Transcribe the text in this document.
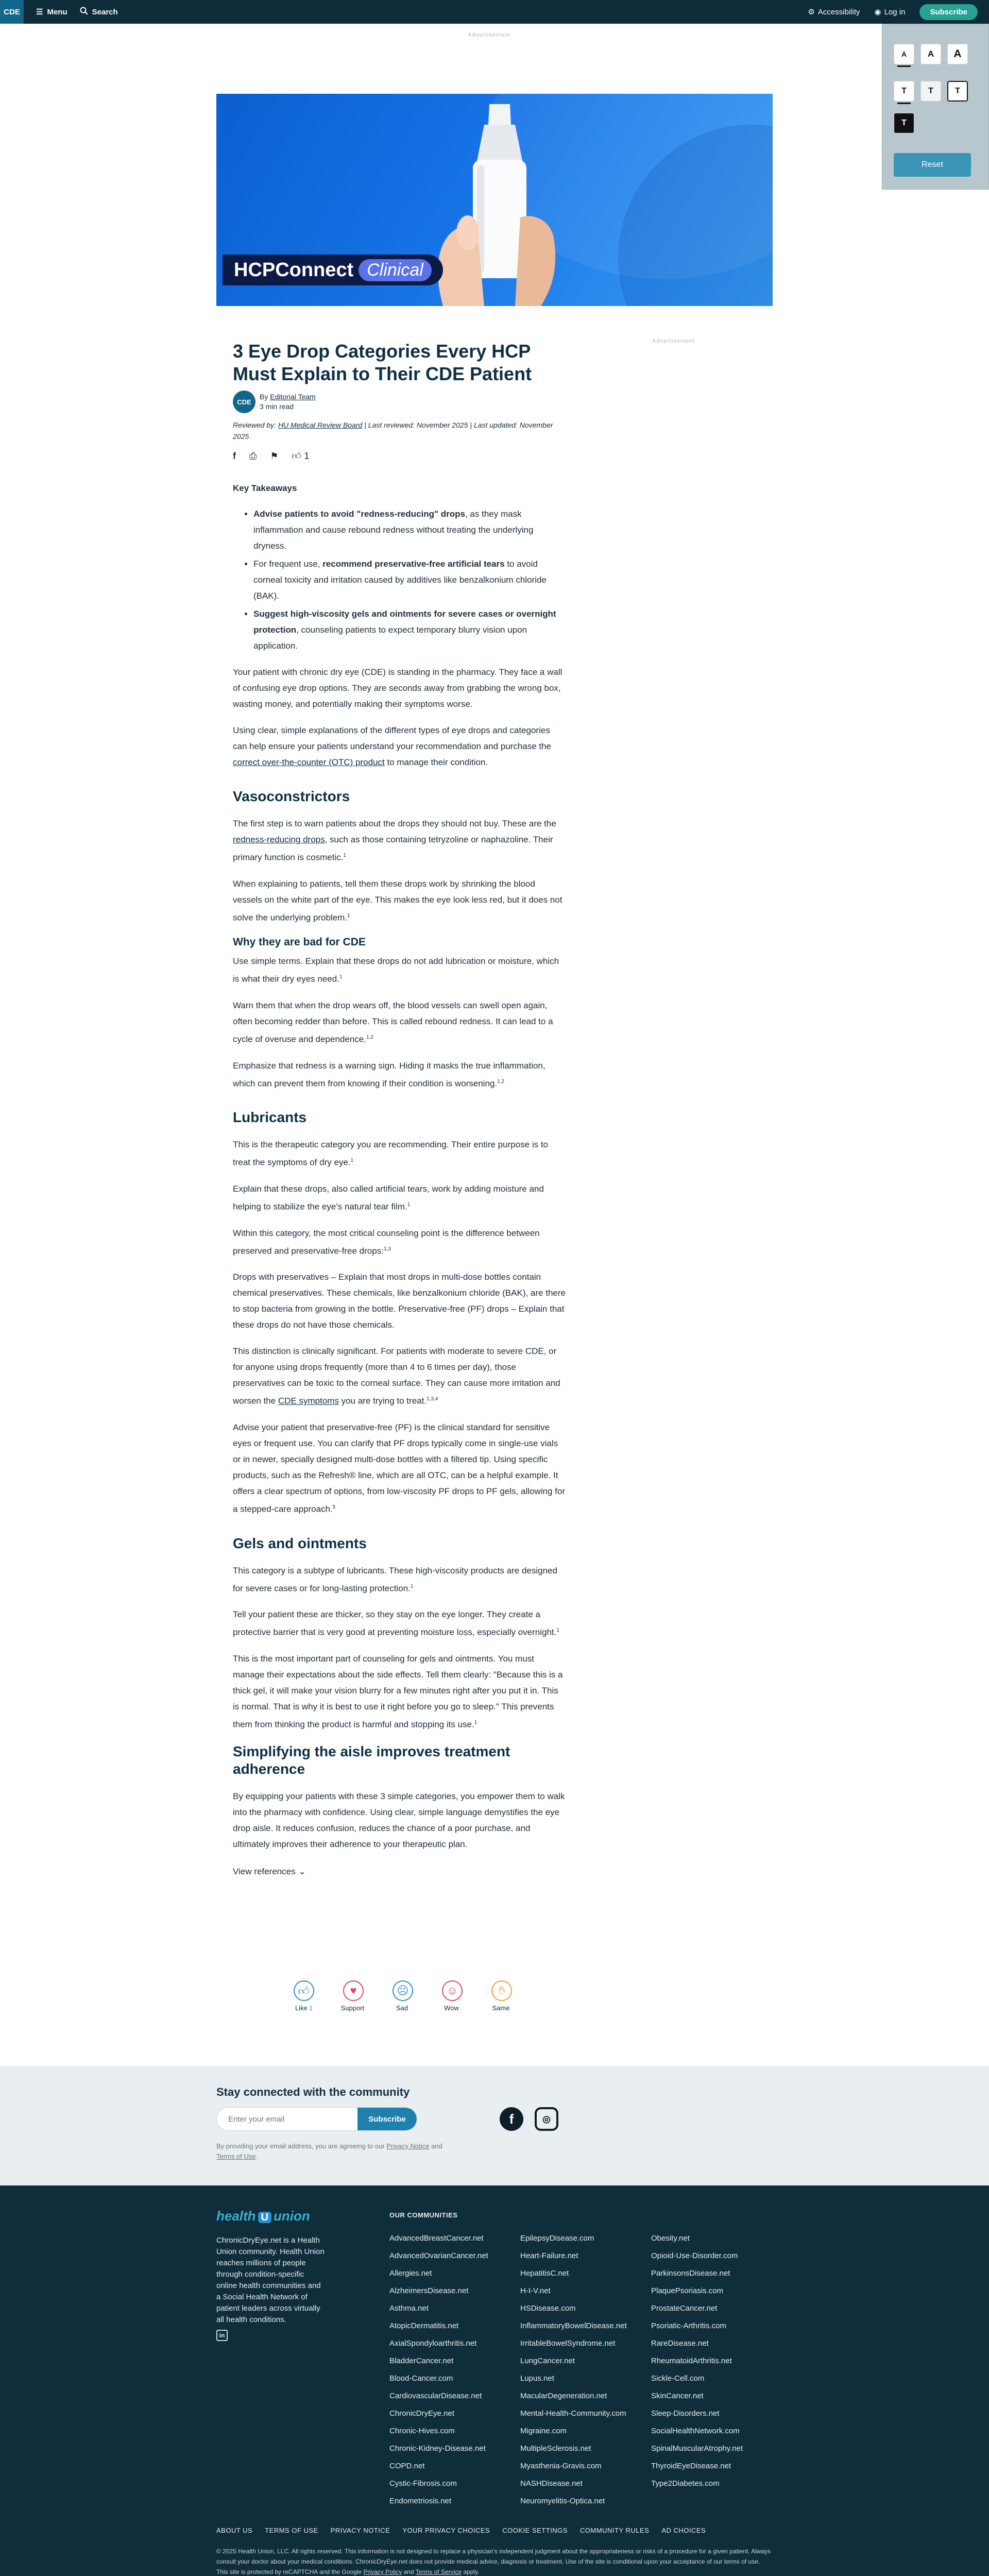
CDE	☰ Menu	Search	⚙ Accessibility ◉ Log in	Subscribe
A	A	A
T	T	T
T
Reset
Advertisement
HCPConnect Clinical
Advertisement
3 Eye Drop Categories Every HCP Must Explain to Their CDE Patient
CDE
By Editorial Team
3 min read
Reviewed by: HU Medical Review Board | Last reviewed: November 2025 | Last updated: November 2025
f ⎙ ⚑ 👍︎ 1
Key Takeaways
• Advise patients to avoid "redness-reducing" drops, as they mask inflammation and cause rebound redness without treating the underlying dryness.
• For frequent use, recommend preservative-free artificial tears to avoid corneal toxicity and irritation caused by additives like benzalkonium chloride (BAK).
• Suggest high-viscosity gels and ointments for severe cases or overnight protection, counseling patients to expect temporary blurry vision upon application.

Your patient with chronic dry eye (CDE) is standing in the pharmacy. They face a wall of confusing eye drop options. They are seconds away from grabbing the wrong box, wasting money, and potentially making their symptoms worse.

Using clear, simple explanations of the different types of eye drops and categories can help ensure your patients understand your recommendation and purchase the correct over-the-counter (OTC) product to manage their condition.

Vasoconstrictors

The first step is to warn patients about the drops they should not buy. These are the redness-reducing drops, such as those containing tetryzoline or naphazoline. Their primary function is cosmetic.$^1$

When explaining to patients, tell them these drops work by shrinking the blood vessels on the white part of the eye. This makes the eye look less red, but it does not solve the underlying problem.$^1$

Why they are bad for CDE

Use simple terms. Explain that these drops do not add lubrication or moisture, which is what their dry eyes need.$^1$

Warn them that when the drop wears off, the blood vessels can swell open again, often becoming redder than before. This is called rebound redness. It can lead to a cycle of overuse and dependence.$^{1,2}$

Emphasize that redness is a warning sign. Hiding it masks the true inflammation, which can prevent them from knowing if their condition is worsening.$^{1,2}$

Lubricants

This is the therapeutic category you are recommending. Their entire purpose is to treat the symptoms of dry eye.$^1$

Explain that these drops, also called artificial tears, work by adding moisture and helping to stabilize the eye's natural tear film.$^1$

Within this category, the most critical counseling point is the difference between preserved and preservative-free drops:$^{1,3}$

Drops with preservatives – Explain that most drops in multi-dose bottles contain chemical preservatives. These chemicals, like benzalkonium chloride (BAK), are there to stop bacteria from growing in the bottle. Preservative-free (PF) drops – Explain that these drops do not have those chemicals.

This distinction is clinically significant. For patients with moderate to severe CDE, or for anyone using drops frequently (more than 4 to 6 times per day), those preservatives can be toxic to the corneal surface. They can cause more irritation and worsen the CDE symptoms you are trying to treat.$^{1,3,4}$

Advise your patient that preservative-free (PF) is the clinical standard for sensitive eyes or frequent use. You can clarify that PF drops typically come in single-use vials or in newer, specially designed multi-dose bottles with a filtered tip. Using specific products, such as the Refresh® line, which are all OTC, can be a helpful example. It offers a clear spectrum of options, from low-viscosity PF drops to PF gels, allowing for a stepped-care approach.$^5$

Gels and ointments

This category is a subtype of lubricants. These high-viscosity products are designed for severe cases or for long-lasting protection.$^1$

Tell your patient these are thicker, so they stay on the eye longer. They create a protective barrier that is very good at preventing moisture loss, especially overnight.$^1$

This is the most important part of counseling for gels and ointments. You must manage their expectations about the side effects. Tell them clearly: "Because this is a thick gel, it will make your vision blurry for a few minutes right after you put it in. This is normal. That is why it is best to use it right before you go to sleep." This prevents them from thinking the product is harmful and stopping its use.$^1$

Simplifying the aisle improves treatment adherence

By equipping your patients with these 3 simple categories, you empower them to walk into the pharmacy with confidence. Using clear, simple language demystifies the eye drop aisle. It reduces confusion, reduces the chance of a poor purchase, and ultimately improves their adherence to your therapeutic plan.

View references ⌄
👍︎
Like 1
♥
Support
☹
Sad
☺
Wow
✋︎
Same
Stay connected with the community
Enter your email
Subscribe	f	◎
By providing your email address, you are agreeing to our Privacy Notice and
Terms of Use.
health U union
ChronicDryEye.net is a Health Union community. Health Union reaches millions of people through condition-specific online health communities and a Social Health Network of patient leaders across virtually all health conditions.
in
OUR COMMUNITIES
AdvancedBreastCancer.net
AdvancedOvarianCancer.net
Allergies.net
AlzheimersDisease.net
Asthma.net
AtopicDermatitis.net
AxialSpondyloarthritis.net
BladderCancer.net
Blood-Cancer.com
CardiovascularDisease.net
ChronicDryEye.net
Chronic-Hives.com
Chronic-Kidney-Disease.net
COPD.net
Cystic-Fibrosis.com
Endometriosis.net
EpilepsyDisease.com
Heart-Failure.net
HepatitisC.net
H-I-V.net
HSDisease.com
InflammatoryBowelDisease.net
IrritableBowelSyndrome.net
LungCancer.net
Lupus.net
MacularDegeneration.net
Mental-Health-Community.com
Migraine.com
MultipleSclerosis.net
Myasthenia-Gravis.com
NASHDisease.net
Neuromyelitis-Optica.net
Obesity.net
Opioid-Use-Disorder.com
ParkinsonsDisease.net
PlaquePsoriasis.com
ProstateCancer.net
Psoriatic-Arthritis.com
RareDisease.net
RheumatoidArthritis.net
Sickle-Cell.com
SkinCancer.net
Sleep-Disorders.net
SocialHealthNetwork.com
SpinalMuscularAtrophy.net
ThyroidEyeDisease.net
Type2Diabetes.com
ABOUT US TERMS OF USE PRIVACY NOTICE YOUR PRIVACY CHOICES COOKIE SETTINGS COMMUNITY RULES AD CHOICES
© 2025 Health Union, LLC. All rights reserved. This information is not designed to replace a physician's independent judgment about the appropriateness or risks of a procedure for a given patient. Always consult your doctor about your medical conditions. ChronicDryEye.net does not provide medical advice, diagnosis or treatment. Use of the site is conditional upon your acceptance of our terms of use. This site is protected by reCAPTCHA and the Google Privacy Policy and Terms of Service apply.
